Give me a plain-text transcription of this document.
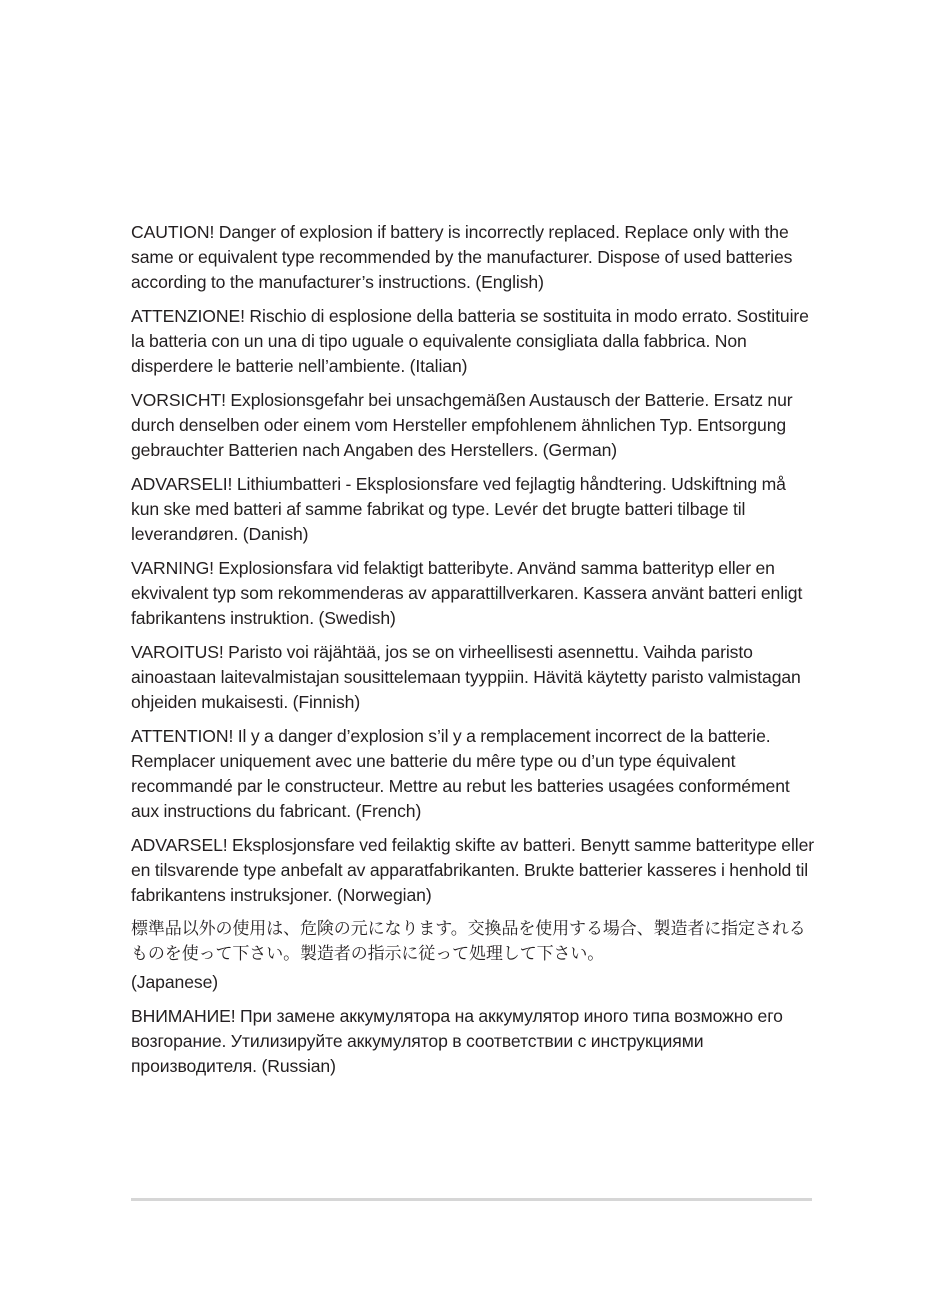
CAUTION! Danger of explosion if battery is incorrectly replaced. Replace only with the same or equivalent type recommended by the manufacturer. Dispose of used batteries according to the manufacturer’s instructions. (English)

ATTENZIONE! Rischio di esplosione della batteria se sostituita in modo errato. Sostituire la batteria con un una di tipo uguale o equivalente consigliata dalla fabbrica. Non disperdere le batterie nell’ambiente. (Italian)

VORSICHT! Explosionsgefahr bei unsachgemäßen Austausch der Batterie. Ersatz nur durch denselben oder einem vom Hersteller empfohlenem ähnlichen Typ. Entsorgung gebrauchter Batterien nach Angaben des Herstellers. (German)

ADVARSELI! Lithiumbatteri - Eksplosionsfare ved fejlagtig håndtering. Udskiftning må kun ske med batteri af samme fabrikat og type. Levér det brugte batteri tilbage til leverandøren. (Danish)

VARNING! Explosionsfara vid felaktigt batteribyte. Använd samma batterityp eller en ekvivalent typ som rekommenderas av apparattillverkaren. Kassera använt batteri enligt fabrikantens instruktion. (Swedish)

VAROITUS! Paristo voi räjähtää, jos se on virheellisesti asennettu. Vaihda paristo ainoastaan laitevalmistajan sousittelemaan tyyppiin. Hävitä käytetty paristo valmistagan ohjeiden mukaisesti. (Finnish)

ATTENTION! Il y a danger d’explosion s’il y a remplacement incorrect de la batterie. Remplacer uniquement avec une batterie du mêre type ou d’un type équivalent recommandé par le constructeur. Mettre au rebut les batteries usagées conformément aux instructions du fabricant. (French)

ADVARSEL! Eksplosjonsfare ved feilaktig skifte av batteri. Benytt samme batteritype eller en tilsvarende type anbefalt av apparatfabrikanten. Brukte batterier kasseres i henhold til fabrikantens instruksjoner. (Norwegian)

標準品以外の使用は、危険の元になります。交換品を使用する場合、製造者に指定されるものを使って下さい。製造者の指示に従って処理して下さい。

(Japanese)

ВНИМАНИЕ! При замене аккумулятора на аккумулятор иного типа возможно его возгорание. Утилизируйте аккумулятор в соответствии с инструкциями производителя. (Russian)
